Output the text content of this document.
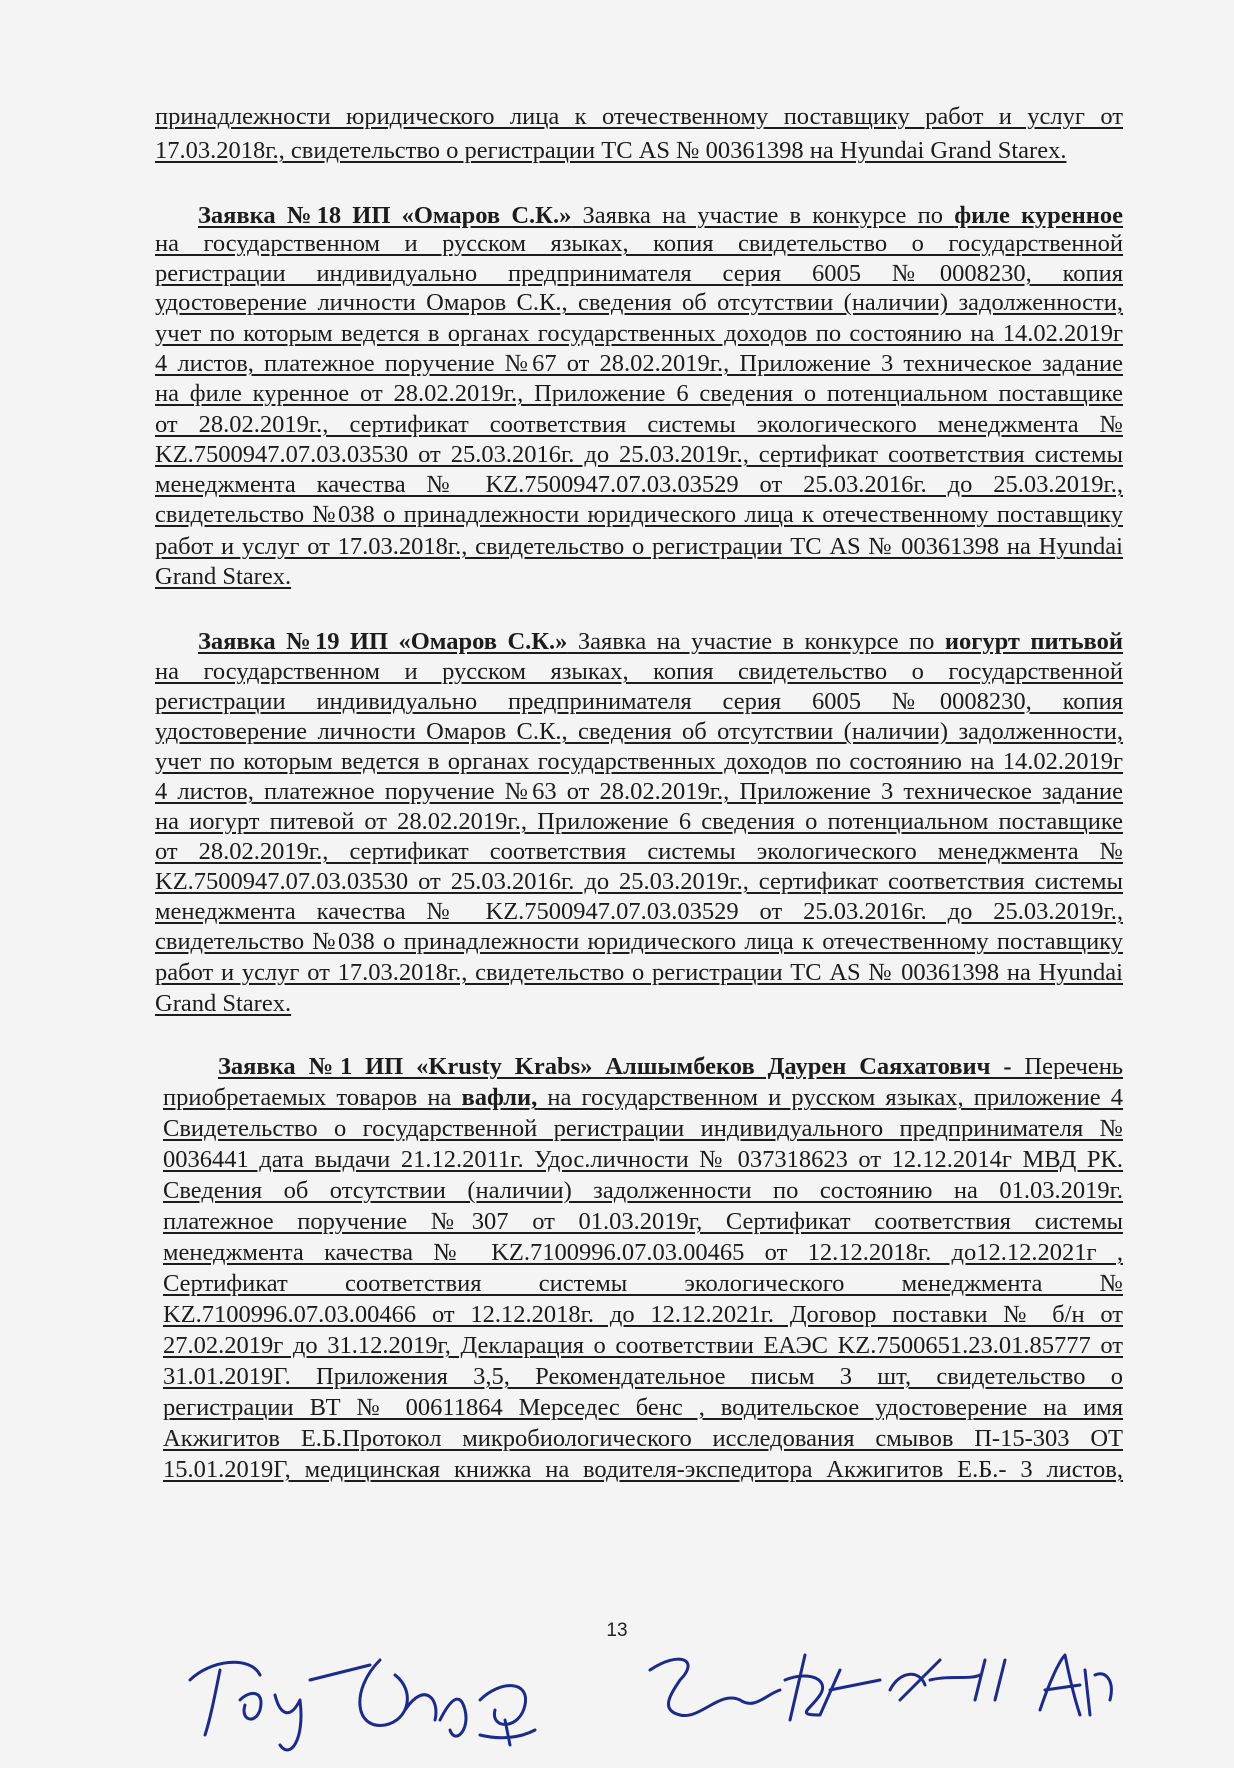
принадлежности юридического лица к отечественному поставщику работ и услуг от
17.03.2018г., свидетельство о регистрации ТС AS № 00361398 на Hyundai Grand Starex.
Заявка №18 ИП «Омаров С.К.» Заявка на участие в конкурсе по филе куренное
на государственном и русском языках, копия свидетельство о государственной
регистрации индивидуально предпринимателя серия 6005 №0008230, копия
удостоверение личности Омаров С.К., сведения об отсутствии (наличии) задолженности,
учет по которым ведется в органах государственных доходов по состоянию на 14.02.2019г
4 листов, платежное поручение №67 от 28.02.2019г., Приложение 3 техническое задание
на филе куренное от 28.02.2019г., Приложение 6 сведения о потенциальном поставщике
от 28.02.2019г., сертификат соответствия системы экологического менеджмента №
KZ.7500947.07.03.03530 от 25.03.2016г. до 25.03.2019г., сертификат соответствия системы
менеджмента качества № KZ.7500947.07.03.03529 от 25.03.2016г. до 25.03.2019г.,
свидетельство №038 о принадлежности юридического лица к отечественному поставщику
работ и услуг от 17.03.2018г., свидетельство о регистрации ТС AS № 00361398 на Hyundai
Grand Starex.
Заявка №19 ИП «Омаров С.К.» Заявка на участие в конкурсе по иогурт питьвой
на государственном и русском языках, копия свидетельство о государственной
регистрации индивидуально предпринимателя серия 6005 №0008230, копия
удостоверение личности Омаров С.К., сведения об отсутствии (наличии) задолженности,
учет по которым ведется в органах государственных доходов по состоянию на 14.02.2019г
4 листов, платежное поручение №63 от 28.02.2019г., Приложение 3 техническое задание
на иогурт питевой от 28.02.2019г., Приложение 6 сведения о потенциальном поставщике
от 28.02.2019г., сертификат соответствия системы экологического менеджмента №
KZ.7500947.07.03.03530 от 25.03.2016г. до 25.03.2019г., сертификат соответствия системы
менеджмента качества № KZ.7500947.07.03.03529 от 25.03.2016г. до 25.03.2019г.,
свидетельство №038 о принадлежности юридического лица к отечественному поставщику
работ и услуг от 17.03.2018г., свидетельство о регистрации ТС AS № 00361398 на Hyundai
Grand Starex.
Заявка №1 ИП «Krusty Krabs» Алшымбеков Даурен Саяхатович - Перечень
приобретаемых товаров на вафли, на государственном и русском языках, приложение 4
Свидетельство о государственной регистрации индивидуального предпринимателя №
0036441 дата выдачи 21.12.2011г. Удос.личности № 037318623 от 12.12.2014г МВД РК.
Сведения об отсутствии (наличии) задолженности по состоянию на 01.03.2019г.
платежное поручение №307 от 01.03.2019г, Сертификат соответствия системы
менеджмента качества № KZ.7100996.07.03.00465 от 12.12.2018г. до12.12.2021г ,
Сертификат соответствия системы экологического менеджмента №
KZ.7100996.07.03.00466 от 12.12.2018г. до 12.12.2021г. Договор поставки № б/н от
27.02.2019г до 31.12.2019г, Декларация о соответствии ЕАЭС KZ.7500651.23.01.85777 от
31.01.2019Г. Приложения 3,5, Рекомендательное письм 3 шт, свидетельство о
регистрации ВТ № 00611864 Мерседес бенс , водительское удостоверение на имя
Акжигитов Е.Б.Протокол микробиологического исследования смывов П-15-303 ОТ
15.01.2019Г, медицинская книжка на водителя-экспедитора Акжигитов Е.Б.- 3 листов,
13
